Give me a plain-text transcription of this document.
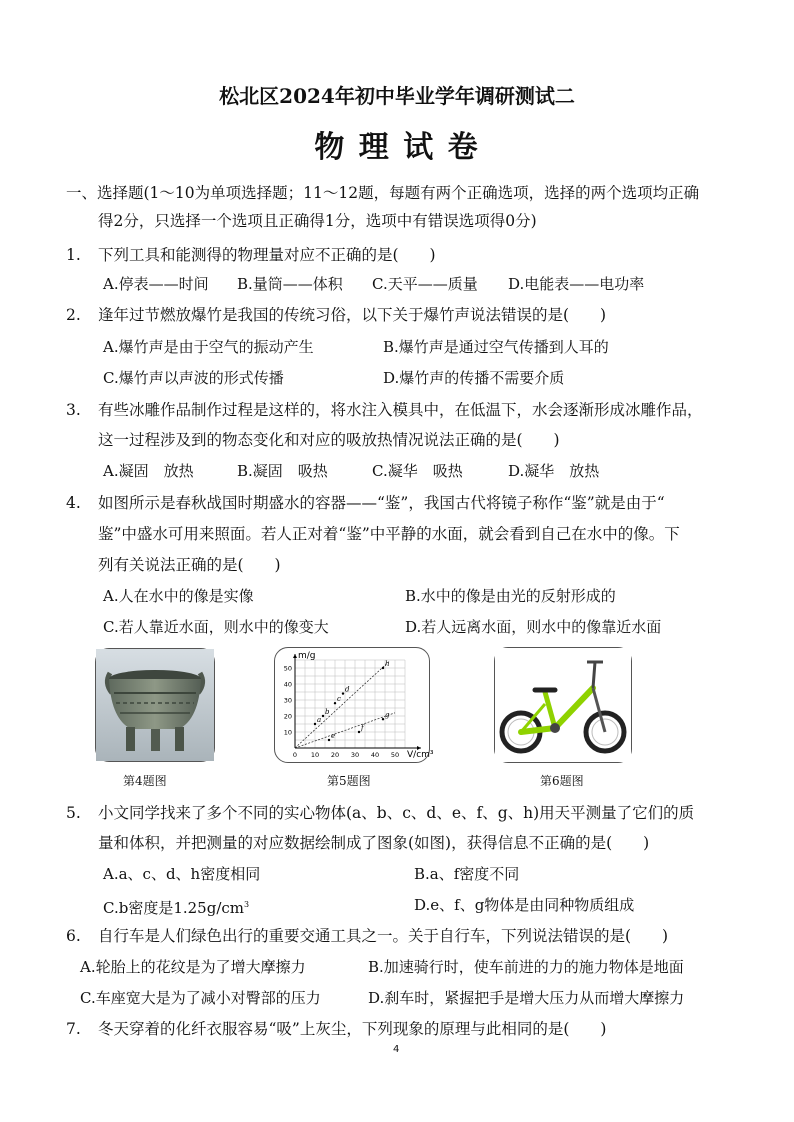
松北区2024年初中毕业学年调研测试二
物 理 试 卷
一、选择题(1～10为单项选择题；11～12题，每题有两个正确选项，选择的两个选项均正确
得2分，只选择一个选项且正确得1分，选项中有错误选项得0分)
1. 下列工具和能测得的物理量对应不正确的是(　　)
A.停表——时间 B.量筒——体积 C.天平——质量 D.电能表——电功率
2. 逢年过节燃放爆竹是我国的传统习俗，以下关于爆竹声说法错误的是(　　)
A.爆竹声是由于空气的振动产生	B.爆竹声是通过空气传播到人耳的
C.爆竹声以声波的形式传播	D.爆竹声的传播不需要介质
3. 有些冰雕作品制作过程是这样的，将水注入模具中，在低温下，水会逐渐形成冰雕作品，
这一过程涉及到的物态变化和对应的吸放热情况说法正确的是(　　)
A.凝固　放热	B.凝固　吸热	C.凝华　吸热	D.凝华　放热
4. 如图所示是春秋战国时期盛水的容器——“鉴”，我国古代将镜子称作“鉴”就是由于“
鉴”中盛水可用来照面。若人正对着“鉴”中平静的水面，就会看到自己在水中的像。下
列有关说法正确的是(　　)
A.人在水中的像是实像	B.水中的像是由光的反射形成的
C.若人靠近水面，则水中的像变大	D.若人远离水面，则水中的像靠近水面
第4题图
0 10 20 30 40 50
10
20
30
40
50
a
b
c
d
e
f
g
h
m/g
V/cm³
第5题图	第6题图
5. 小文同学找来了多个不同的实心物体(a、b、c、d、e、f、g、h)用天平测量了它们的质
量和体积，并把测量的对应数据绘制成了图象(如图)，获得信息不正确的是(　　)
A.a、c、d、h密度相同	B.a、f密度不同
C.b密度是$1.25g/cm^3$	D.e、f、g物体是由同种物质组成
6. 自行车是人们绿色出行的重要交通工具之一。关于自行车，下列说法错误的是(　　)
A.轮胎上的花纹是为了增大摩擦力	B.加速骑行时，使车前进的力的施力物体是地面
C.车座宽大是为了减小对臀部的压力	D.刹车时，紧握把手是增大压力从而增大摩擦力
7. 冬天穿着的化纤衣服容易“吸”上灰尘，下列现象的原理与此相同的是(　　)
4
